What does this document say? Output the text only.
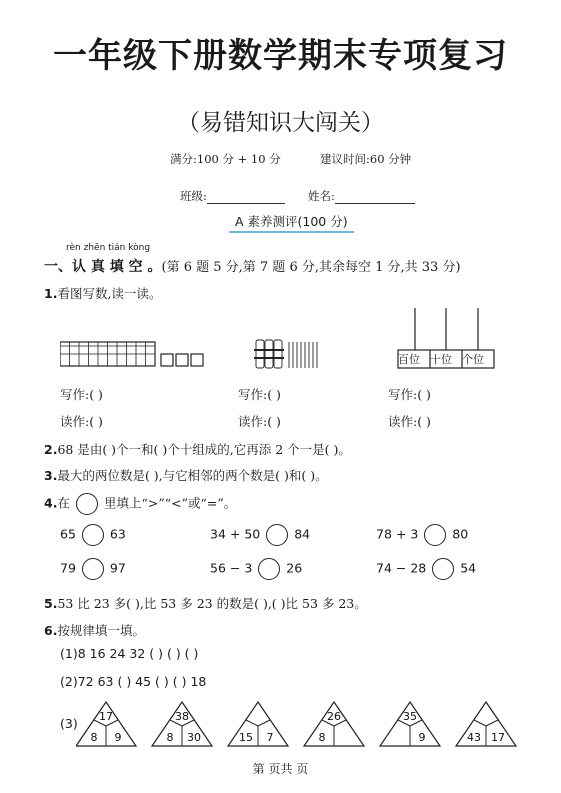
一年级下册数学期末专项复习
（易错知识大闯关）
满分:100 分 + 10 分	建议时间:60 分钟
班级:	姓名:
A 素养测评(100 分)
rèn zhēn tián kòng
一、认 真 填 空 。(第 6 题 5 分,第 7 题 6 分,其余每空 1 分,共 33 分)
1.看图写数,读一读。
百位 十位 个位
写作:( )	写作:( )	写作:( )
读作:( )	读作:( )	读作:( )
2.68 是由( )个一和( )个十组成的,它再添 2 个一是( )。
3.最大的两位数是( ),与它相邻的两个数是( )和( )。
4.在	里填上“>”“<”或“=”。
65	63	34 + 50	84	78 + 3	80
79	97	56 − 3	26	74 − 28	54
5.53 比 23 多( ),比 53 多 23 的数是( ),( )比 53 多 23。
6.按规律填一填。
(1)8 16 24 32 ( ) ( ) ( )
(2)72 63 ( ) 45 ( ) ( ) 18
(3) 17
8 9
38
8 30	15 7
26
8
35
9	43 17
第 页共 页
